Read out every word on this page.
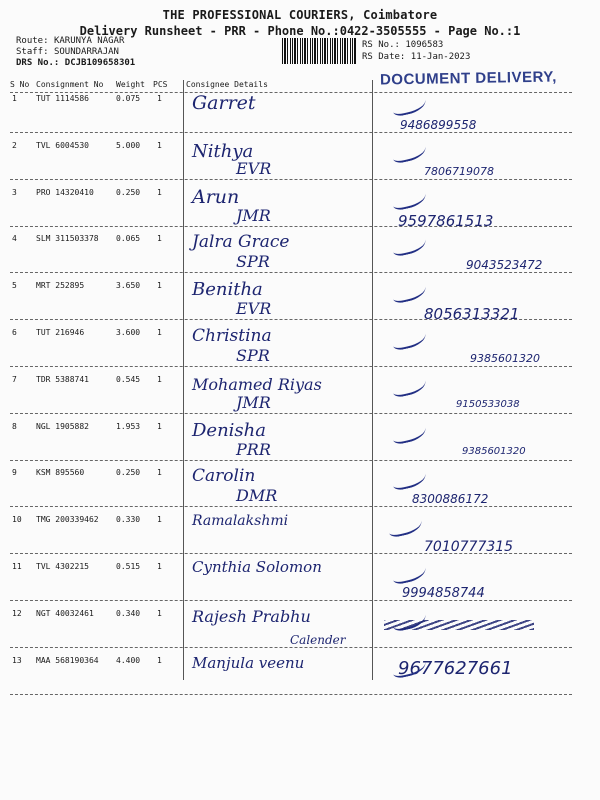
THE PROFESSIONAL COURIERS, Coimbatore
Delivery Runsheet - PRR - Phone No.:0422-3505555 - Page No.:1
Route: KARUNYA NAGAR
Staff: SOUNDARRAJAN
DRS No.: DCJB109658301
RS No.: 1096583
RS Date: 11-Jan-2023
DOCUMENT DELIVERY,
S No Consignment No Weight PCS Consignee Details
1 TUT 1114586	0.075 1 Garret
9486899558
2 TVL 6004530	5.000 1 Nithya
EVR	7806719078
3 PRO 14320410	0.250 1 Arun
JMR	9597861513
4 SLM 311503378 0.065 1 Jalra Grace
SPR	9043523472
5 MRT 252895	3.650 1 Benitha
EVR	8056313321
6 TUT 216946	3.600 1 Christina
SPR	9385601320
7 TDR 5388741	0.545 1 Mohamed Riyas
JMR	9150533038
8 NGL 1905882	1.953 1 Denisha
PRR	9385601320
9 KSM 895560	0.250 1 Carolin
DMR	8300886172
10 TMG 200339462 0.330 1 Ramalakshmi
7010777315
11 TVL 4302215	0.515 1 Cynthia Solomon
9994858744
12 NGT 40032461	0.340 1 Rajesh Prabhu
Calender
13 MAA 568190364 4.400 1 Manjula veenu	9677627661
